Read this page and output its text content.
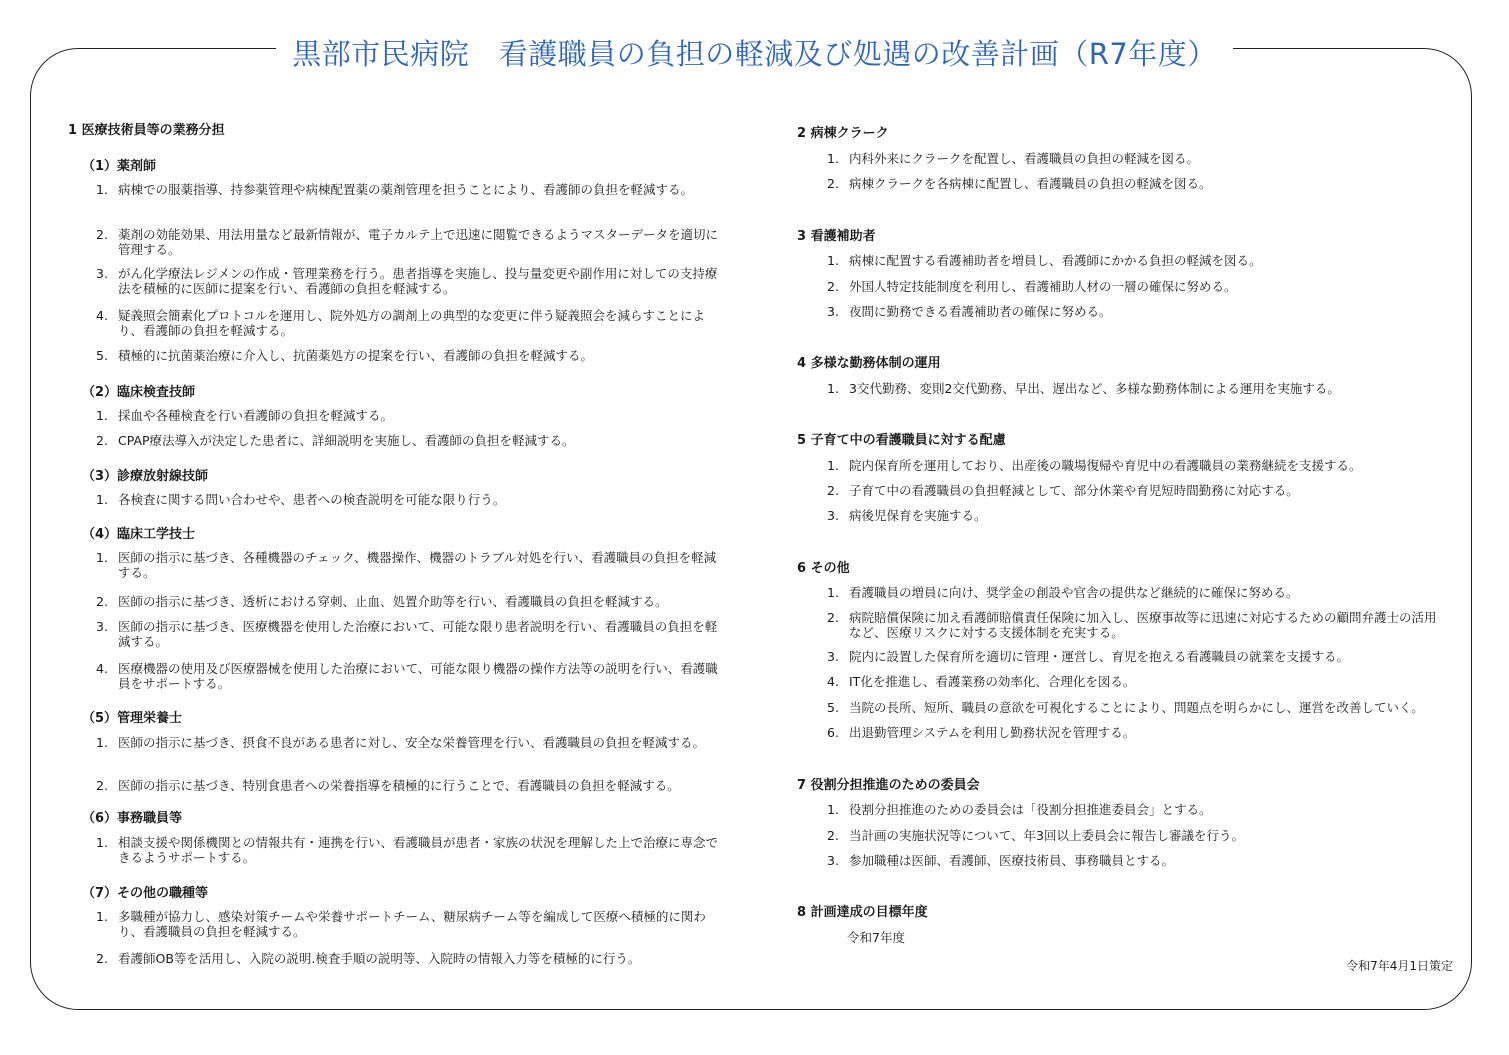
黒部市民病院　看護職員の負担の軽減及び処遇の改善計画（R7年度）
1 医療技術員等の業務分担
（1）薬剤師
1. 病棟での服薬指導、持参薬管理や病棟配置薬の薬剤管理を担うことにより、看護師の負担を軽減する。
2. 薬剤の効能効果、用法用量など最新情報が、電子カルテ上で迅速に閲覧できるようマスターデータを適切に管理する。
3. がん化学療法レジメンの作成・管理業務を行う。患者指導を実施し、投与量変更や副作用に対しての支持療法を積極的に医師に提案を行い、看護師の負担を軽減する。
4. 疑義照会簡素化プロトコルを運用し、院外処方の調剤上の典型的な変更に伴う疑義照会を減らすことにより、看護師の負担を軽減する。
5. 積極的に抗菌薬治療に介入し、抗菌薬処方の提案を行い、看護師の負担を軽減する。
（2）臨床検査技師
1. 採血や各種検査を行い看護師の負担を軽減する。
2. CPAP療法導入が決定した患者に、詳細説明を実施し、看護師の負担を軽減する。
（3）診療放射線技師
1. 各検査に関する問い合わせや、患者への検査説明を可能な限り行う。
（4）臨床工学技士
1. 医師の指示に基づき、各種機器のチェック、機器操作、機器のトラブル対処を行い、看護職員の負担を軽減する。
2. 医師の指示に基づき、透析における穿刺、止血、処置介助等を行い、看護職員の負担を軽減する。
3. 医師の指示に基づき、医療機器を使用した治療において、可能な限り患者説明を行い、看護職員の負担を軽減する。
4. 医療機器の使用及び医療器械を使用した治療において、可能な限り機器の操作方法等の説明を行い、看護職員をサポートする。
（5）管理栄養士
1. 医師の指示に基づき、摂食不良がある患者に対し、安全な栄養管理を行い、看護職員の負担を軽減する。
2. 医師の指示に基づき、特別食患者への栄養指導を積極的に行うことで、看護職員の負担を軽減する。
（6）事務職員等
1. 相談支援や関係機関との情報共有・連携を行い、看護職員が患者・家族の状況を理解した上で治療に専念できるようサポートする。
（7）その他の職種等
1. 多職種が協力し、感染対策チームや栄養サポートチーム、糖尿病チーム等を編成して医療へ積極的に関わり、看護職員の負担を軽減する。
2. 看護師OB等を活用し、入院の説明.検査手順の説明等、入院時の情報入力等を積極的に行う。
2 病棟クラーク
1. 内科外来にクラークを配置し、看護職員の負担の軽減を図る。
2. 病棟クラークを各病棟に配置し、看護職員の負担の軽減を図る。
3 看護補助者
1. 病棟に配置する看護補助者を増員し、看護師にかかる負担の軽減を図る。
2. 外国人特定技能制度を利用し、看護補助人材の一層の確保に努める。
3. 夜間に勤務できる看護補助者の確保に努める。
4 多様な勤務体制の運用
1. 3交代勤務、変則2交代勤務、早出、遅出など、多様な勤務体制による運用を実施する。
5 子育て中の看護職員に対する配慮
1. 院内保育所を運用しており、出産後の職場復帰や育児中の看護職員の業務継続を支援する。
2. 子育て中の看護職員の負担軽減として、部分休業や育児短時間勤務に対応する。
3. 病後児保育を実施する。
6 その他
1. 看護職員の増員に向け、奨学金の創設や官舎の提供など継続的に確保に努める。
2. 病院賠償保険に加え看護師賠償責任保険に加入し、医療事故等に迅速に対応するための顧問弁護士の活用など、医療リスクに対する支援体制を充実する。
3. 院内に設置した保育所を適切に管理・運営し、育児を抱える看護職員の就業を支援する。
4. IT化を推進し、看護業務の効率化、合理化を図る。
5. 当院の長所、短所、職員の意欲を可視化することにより、問題点を明らかにし、運営を改善していく。
6. 出退勤管理システムを利用し勤務状況を管理する。
7 役割分担推進のための委員会
1. 役割分担推進のための委員会は「役割分担推進委員会」とする。
2. 当計画の実施状況等について、年3回以上委員会に報告し審議を行う。
3. 参加職種は医師、看護師、医療技術員、事務職員とする。
8 計画達成の目標年度
令和7年度
令和7年4月1日策定
